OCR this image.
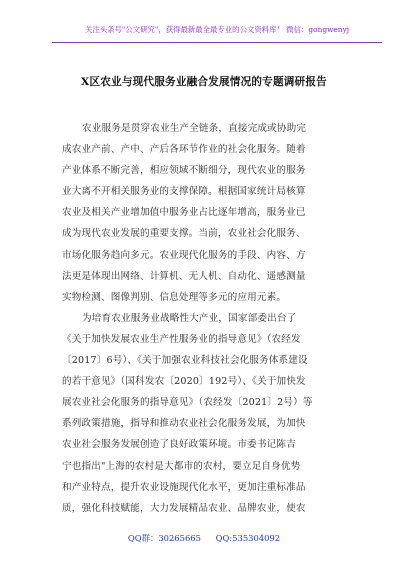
关注头条号"公文研究"，获得最新最全最专业的公文资料库！ 微信：gongwenyj
X区农业与现代服务业融合发展情况的专题调研报告
农业服务是贯穿农业生产全链条，直接完成或协助完
成农业产前、产中、产后各环节作业的社会化服务。随着
产业体系不断完善，相应领域不断细分，现代农业的服务
业大离不开相关服务业的支撑保障。根据国家统计局核算
农业及相关产业增加值中服务业占比逐年增高，服务业已
成为现代农业发展的重要支撑。当前，农业社会化服务、
市场化服务趋向多元。农业现代化服务的手段、内容、方
法更是体现出网络、计算机、无人机、自动化、遥感测量
实物检测、图像判别、信息处理等多元的应用元素。
为培育农业服务业战略性大产业，国家部委出台了
《关于加快发展农业生产性服务业的指导意见》（农经发
〔2017〕6号）、《关于加强农业科技社会化服务体系建设
的若干意见》（国科发农〔2020〕192号）、《关于加快发
展农业社会化服务的指导意见》（农经发〔2021〕2号）等
系列政策措施，指导和推动农业社会化服务发展，为加快
农业社会服务发展创造了良好政策环境。市委书记陈吉
宁也指出"上海的农村是大都市的农村，要立足自身优势
和产业特点，提升农业设施现代化水平，更加注重标准品
质，强化科技赋能，大力发展精品农业、品牌农业，使农
QQ群：30265665 QQ:535304092
